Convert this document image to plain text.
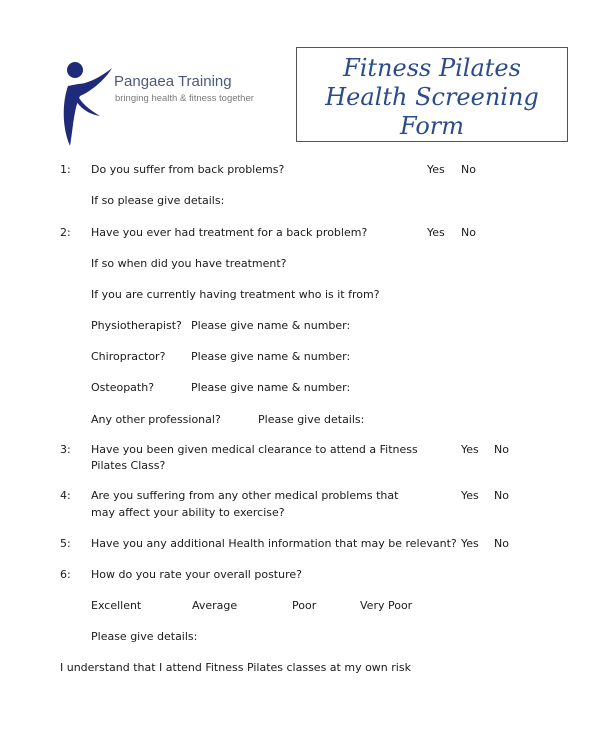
Pangaea Training
bringing health & fitness together
Fitness Pilates
Health Screening
Form
1: Do you suffer from back problems?	Yes No
If so please give details:
2: Have you ever had treatment for a back problem?	Yes No
If so when did you have treatment?
If you are currently having treatment who is it from?
Physiotherapist? Please give name & number:
Chiropractor? Please give name & number:
Osteopath?	Please give name & number:
Any other professional?	Please give details:
3: Have you been given medical clearance to attend a Fitness
Pilates Class?
Yes No
4: Are you suffering from any other medical problems that
may affect your ability to exercise?
Yes No
5: Have you any additional Health information that may be relevant? Yes No
6: How do you rate your overall posture?
Excellent	Average	Poor	Very Poor
Please give details:
I understand that I attend Fitness Pilates classes at my own risk
